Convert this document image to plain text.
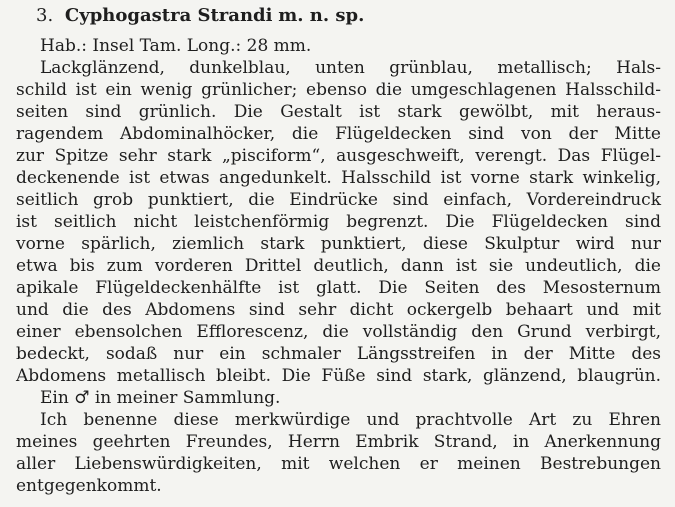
3. Cyphogastra Strandi m. n. sp.
Hab.: Insel Tam. Long.: 28 mm.
Lackglänzend, dunkelblau, unten grünblau, metallisch; Hals-
schild ist ein wenig grünlicher; ebenso die umgeschlagenen Halsschild-
seiten sind grünlich. Die Gestalt ist stark gewölbt, mit heraus-
ragendem Abdominalhöcker, die Flügeldecken sind von der Mitte
zur Spitze sehr stark „pisciform“, ausgeschweift, verengt. Das Flügel-
deckenende ist etwas angedunkelt. Halsschild ist vorne stark winkelig,
seitlich grob punktiert, die Eindrücke sind einfach, Vordereindruck
ist seitlich nicht leistchenförmig begrenzt. Die Flügeldecken sind
vorne spärlich, ziemlich stark punktiert, diese Skulptur wird nur
etwa bis zum vorderen Drittel deutlich, dann ist sie undeutlich, die
apikale Flügeldeckenhälfte ist glatt. Die Seiten des Mesosternum
und die des Abdomens sind sehr dicht ockergelb behaart und mit
einer ebensolchen Efflorescenz, die vollständig den Grund verbirgt,
bedeckt, sodaß nur ein schmaler Längsstreifen in der Mitte des
Abdomens metallisch bleibt. Die Füße sind stark, glänzend, blaugrün.
Ein ♂ in meiner Sammlung.
Ich benenne diese merkwürdige und prachtvolle Art zu Ehren
meines geehrten Freundes, Herrn Embrik Strand, in Anerkennung
aller Liebenswürdigkeiten, mit welchen er meinen Bestrebungen
entgegenkommt.
